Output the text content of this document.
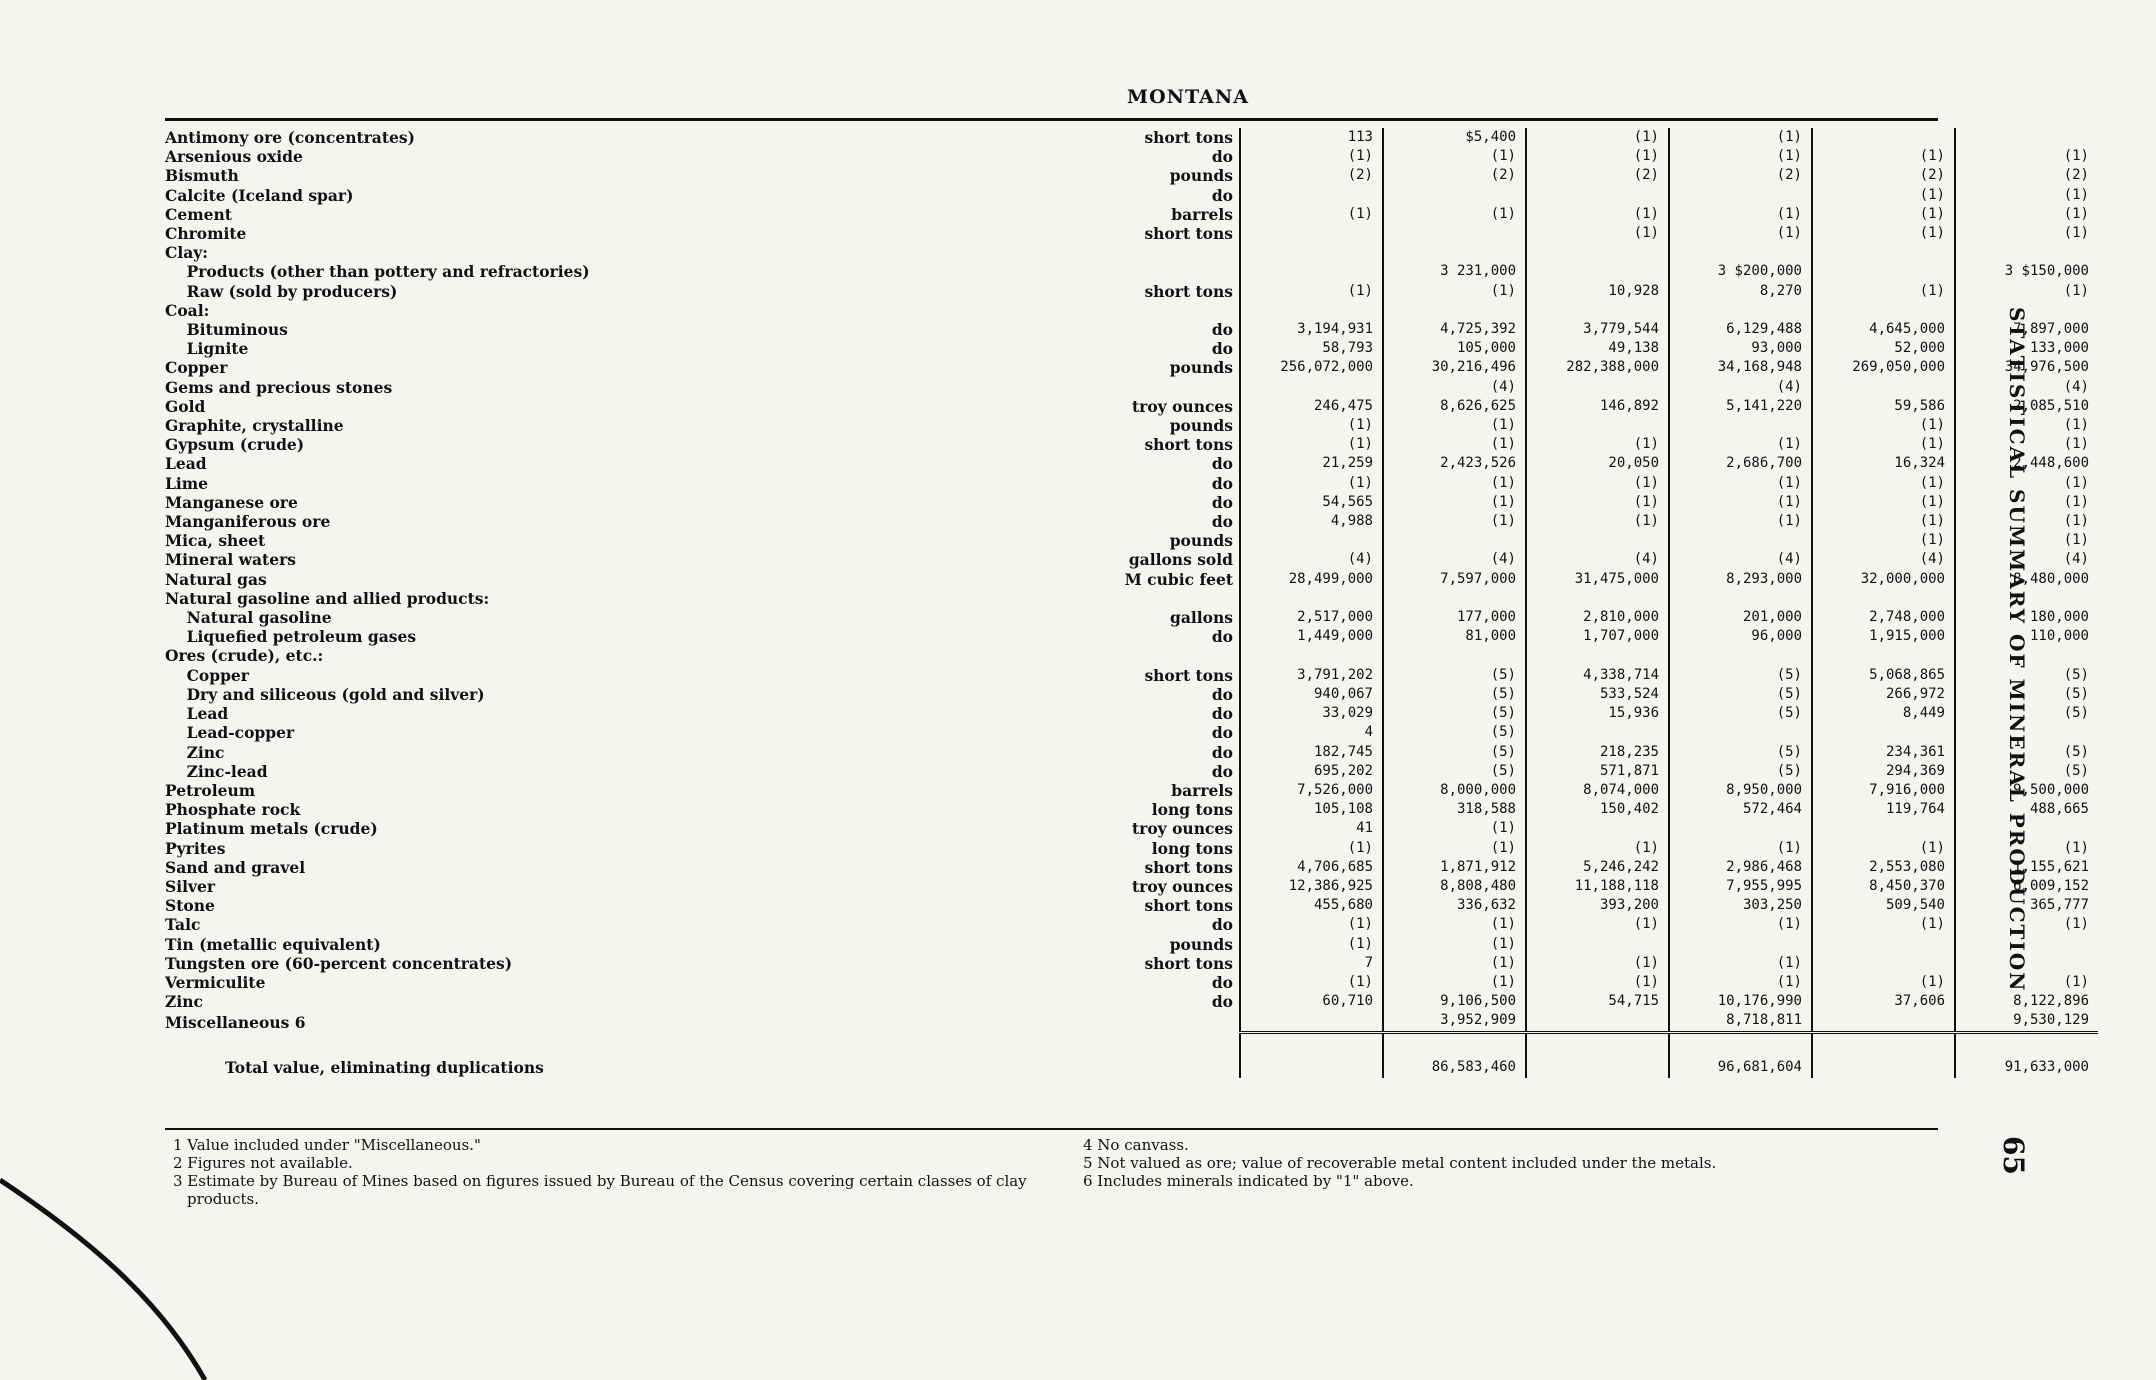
MONTANA
Antimony ore (concentrates)	short tons	113	$5,400	(1)	(1)		
Arsenious oxide	do	(1)	(1)	(1)	(1)	(1)	(1)
Bismuth	pounds	(2)	(2)	(2)	(2)	(2)	(2)
Calcite (Iceland spar)	do					(1)	(1)
Cement	barrels	(1)	(1)	(1)	(1)	(1)	(1)
Chromite	short tons			(1)	(1)	(1)	(1)
Clay:							
Products (other than pottery and refractories)			3 231,000		3 $200,000		3 $150,000
Raw (sold by producers)	short tons	(1)	(1)	10,928	8,270	(1)	(1)
Coal:							
Bituminous	do	3,194,931	4,725,392	3,779,544	6,129,488	4,645,000	7,897,000
Lignite	do	58,793	105,000	49,138	93,000	52,000	133,000
Copper	pounds	256,072,000	30,216,496	282,388,000	34,168,948	269,050,000	34,976,500
Gems and precious stones			(4)		(4)		(4)
Gold	troy ounces	246,475	8,626,625	146,892	5,141,220	59,586	2,085,510
Graphite, crystalline	pounds	(1)	(1)			(1)	(1)
Gypsum (crude)	short tons	(1)	(1)	(1)	(1)	(1)	(1)
Lead	do	21,259	2,423,526	20,050	2,686,700	16,324	2,448,600
Lime	do	(1)	(1)	(1)	(1)	(1)	(1)
Manganese ore	do	54,565	(1)	(1)	(1)	(1)	(1)
Manganiferous ore	do	4,988	(1)	(1)	(1)	(1)	(1)
Mica, sheet	pounds					(1)	(1)
Mineral waters	gallons sold	(4)	(4)	(4)	(4)	(4)	(4)
Natural gas	M cubic feet	28,499,000	7,597,000	31,475,000	8,293,000	32,000,000	8,480,000
Natural gasoline and allied products:							
Natural gasoline	gallons	2,517,000	177,000	2,810,000	201,000	2,748,000	180,000
Liquefied petroleum gases	do	1,449,000	81,000	1,707,000	96,000	1,915,000	110,000
Ores (crude), etc.:							
Copper	short tons	3,791,202	(5)	4,338,714	(5)	5,068,865	(5)
Dry and siliceous (gold and silver)	do	940,067	(5)	533,524	(5)	266,972	(5)
Lead	do	33,029	(5)	15,936	(5)	8,449	(5)
Lead-copper	do	4	(5)				
Zinc	do	182,745	(5)	218,235	(5)	234,361	(5)
Zinc-lead	do	695,202	(5)	571,871	(5)	294,369	(5)
Petroleum	barrels	7,526,000	8,000,000	8,074,000	8,950,000	7,916,000	9,500,000
Phosphate rock	long tons	105,108	318,588	150,402	572,464	119,764	488,665
Platinum metals (crude)	troy ounces	41	(1)				
Pyrites	long tons	(1)	(1)	(1)	(1)	(1)	(1)
Sand and gravel	short tons	4,706,685	1,871,912	5,246,242	2,986,468	2,553,080	1,155,621
Silver	troy ounces	12,386,925	8,808,480	11,188,118	7,955,995	8,450,370	6,009,152
Stone	short tons	455,680	336,632	393,200	303,250	509,540	365,777
Talc	do	(1)	(1)	(1)	(1)	(1)	(1)
Tin (metallic equivalent)	pounds	(1)	(1)				
Tungsten ore (60-percent concentrates)	short tons	7	(1)	(1)	(1)		
Vermiculite	do	(1)	(1)	(1)	(1)	(1)	(1)
Zinc	do	60,710	9,106,500	54,715	10,176,990	37,606	8,122,896
Miscellaneous 6			3,952,909		8,718,811		9,530,129
Total value, eliminating duplications			86,583,460		96,681,604		91,633,000
1 Value included under "Miscellaneous."
2 Figures not available.
3 Estimate by Bureau of Mines based on figures issued by Bureau of the Census covering certain classes of clay products.
4 No canvass.
5 Not valued as ore; value of recoverable metal content included under the metals.
6 Includes minerals indicated by "1" above.
STATISTICAL SUMMARY OF MINERAL PRODUCTION
65
